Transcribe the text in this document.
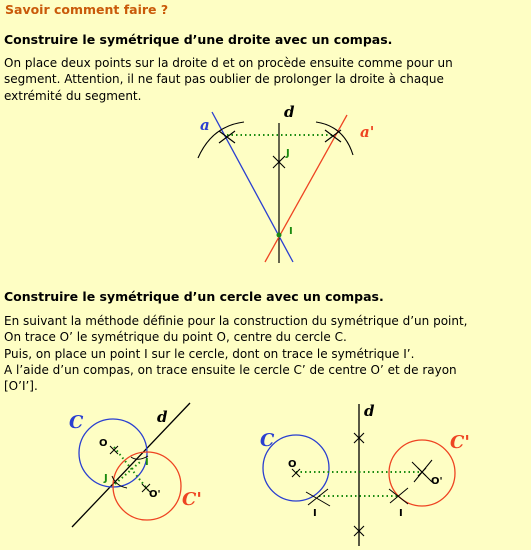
Savoir comment faire ?
Construire le symétrique d’une droite avec un compas.
On place deux points sur la droite d et on procède ensuite comme pour un
segment. Attention, il ne faut pas oublier de prolonger la droite à chaque
extrémité du segment.
a	a'
d
J
I
Construire le symétrique d’un cercle avec un compas.
En suivant la méthode définie pour la construction du symétrique d’un point,
On trace O’ le symétrique du point O, centre du cercle C.
Puis, on place un point I sur le cercle, dont on trace le symétrique I’.
A l’aide d’un compas, on trace ensuite le cercle C’ de centre O’ et de rayon
[O’I’].
C
C'
d
O
O'
I
J
C	C'
d
O
O'
I	I
